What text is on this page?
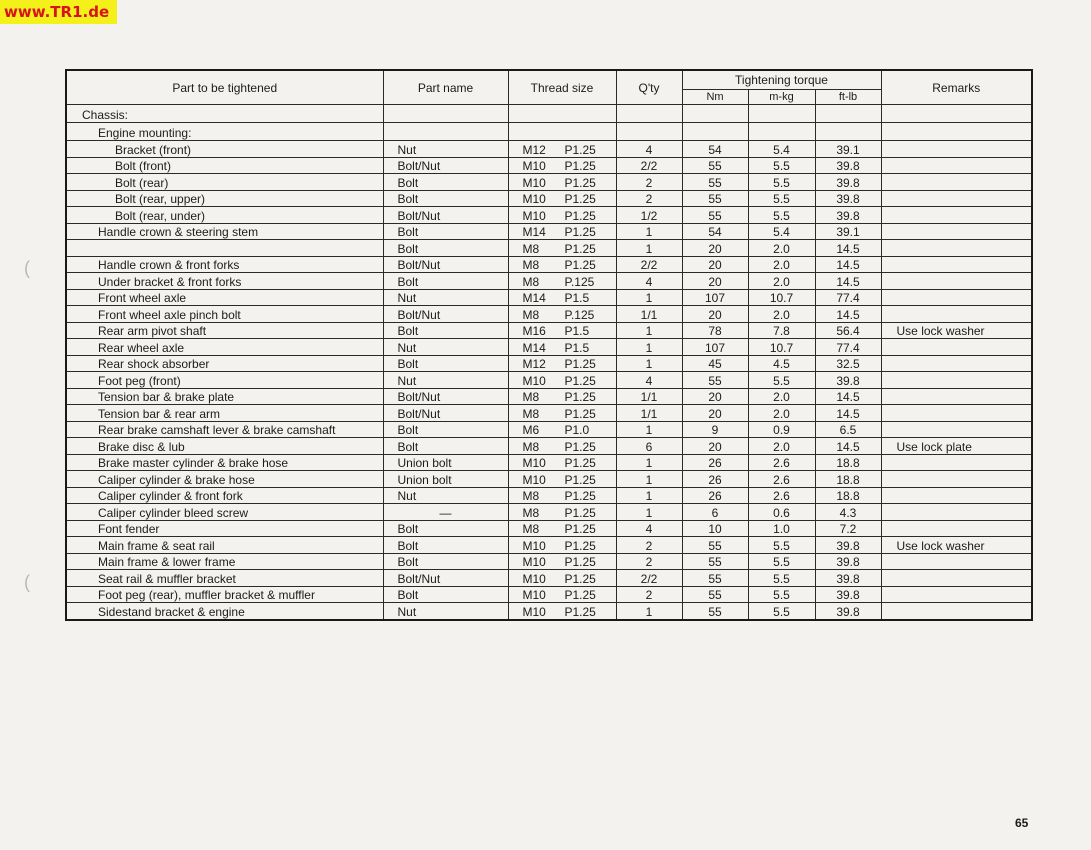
www.TR1.de
(
(
Part to be tightened	Part name	Thread size	Q'ty	Tightening torque			Remarks
				Nm	m-kg	ft-lb	
Chassis:							
Engine mounting:							
Bracket (front)	Nut	M12 P1.25	4	54	5.4	39.1	
Bolt (front)	Bolt/Nut	M10 P1.25	2/2	55	5.5	39.8	
Bolt (rear)	Bolt	M10 P1.25	2	55	5.5	39.8	
Bolt (rear, upper)	Bolt	M10 P1.25	2	55	5.5	39.8	
Bolt (rear, under)	Bolt/Nut	M10 P1.25	1/2	55	5.5	39.8	
Handle crown & steering stem	Bolt	M14 P1.25	1	54	5.4	39.1	
	Bolt	M8 P1.25	1	20	2.0	14.5	
Handle crown & front forks	Bolt/Nut	M8 P1.25	2/2	20	2.0	14.5	
Under bracket & front forks	Bolt	M8 P.125	4	20	2.0	14.5	
Front wheel axle	Nut	M14 P1.5	1	107	10.7	77.4	
Front wheel axle pinch bolt	Bolt/Nut	M8 P.125	1/1	20	2.0	14.5	
Rear arm pivot shaft	Bolt	M16 P1.5	1	78	7.8	56.4	Use lock washer
Rear wheel axle	Nut	M14 P1.5	1	107	10.7	77.4	
Rear shock absorber	Bolt	M12 P1.25	1	45	4.5	32.5	
Foot peg (front)	Nut	M10 P1.25	4	55	5.5	39.8	
Tension bar & brake plate	Bolt/Nut	M8 P1.25	1/1	20	2.0	14.5	
Tension bar & rear arm	Bolt/Nut	M8 P1.25	1/1	20	2.0	14.5	
Rear brake camshaft lever & brake camshaft	Bolt	M6 P1.0	1	9	0.9	6.5	
Brake disc & lub	Bolt	M8 P1.25	6	20	2.0	14.5	Use lock plate
Brake master cylinder & brake hose	Union bolt	M10 P1.25	1	26	2.6	18.8	
Caliper cylinder & brake hose	Union bolt	M10 P1.25	1	26	2.6	18.8	
Caliper cylinder & front fork	Nut	M8 P1.25	1	26	2.6	18.8	
Caliper cylinder bleed screw	—	M8 P1.25	1	6	0.6	4.3	
Font fender	Bolt	M8 P1.25	4	10	1.0	7.2	
Main frame & seat rail	Bolt	M10 P1.25	2	55	5.5	39.8	Use lock washer
Main frame & lower frame	Bolt	M10 P1.25	2	55	5.5	39.8	
Seat rail & muffler bracket	Bolt/Nut	M10 P1.25	2/2	55	5.5	39.8	
Foot peg (rear), muffler bracket & muffler	Bolt	M10 P1.25	2	55	5.5	39.8	
Sidestand bracket & engine	Nut	M10 P1.25	1	55	5.5	39.8	
65
